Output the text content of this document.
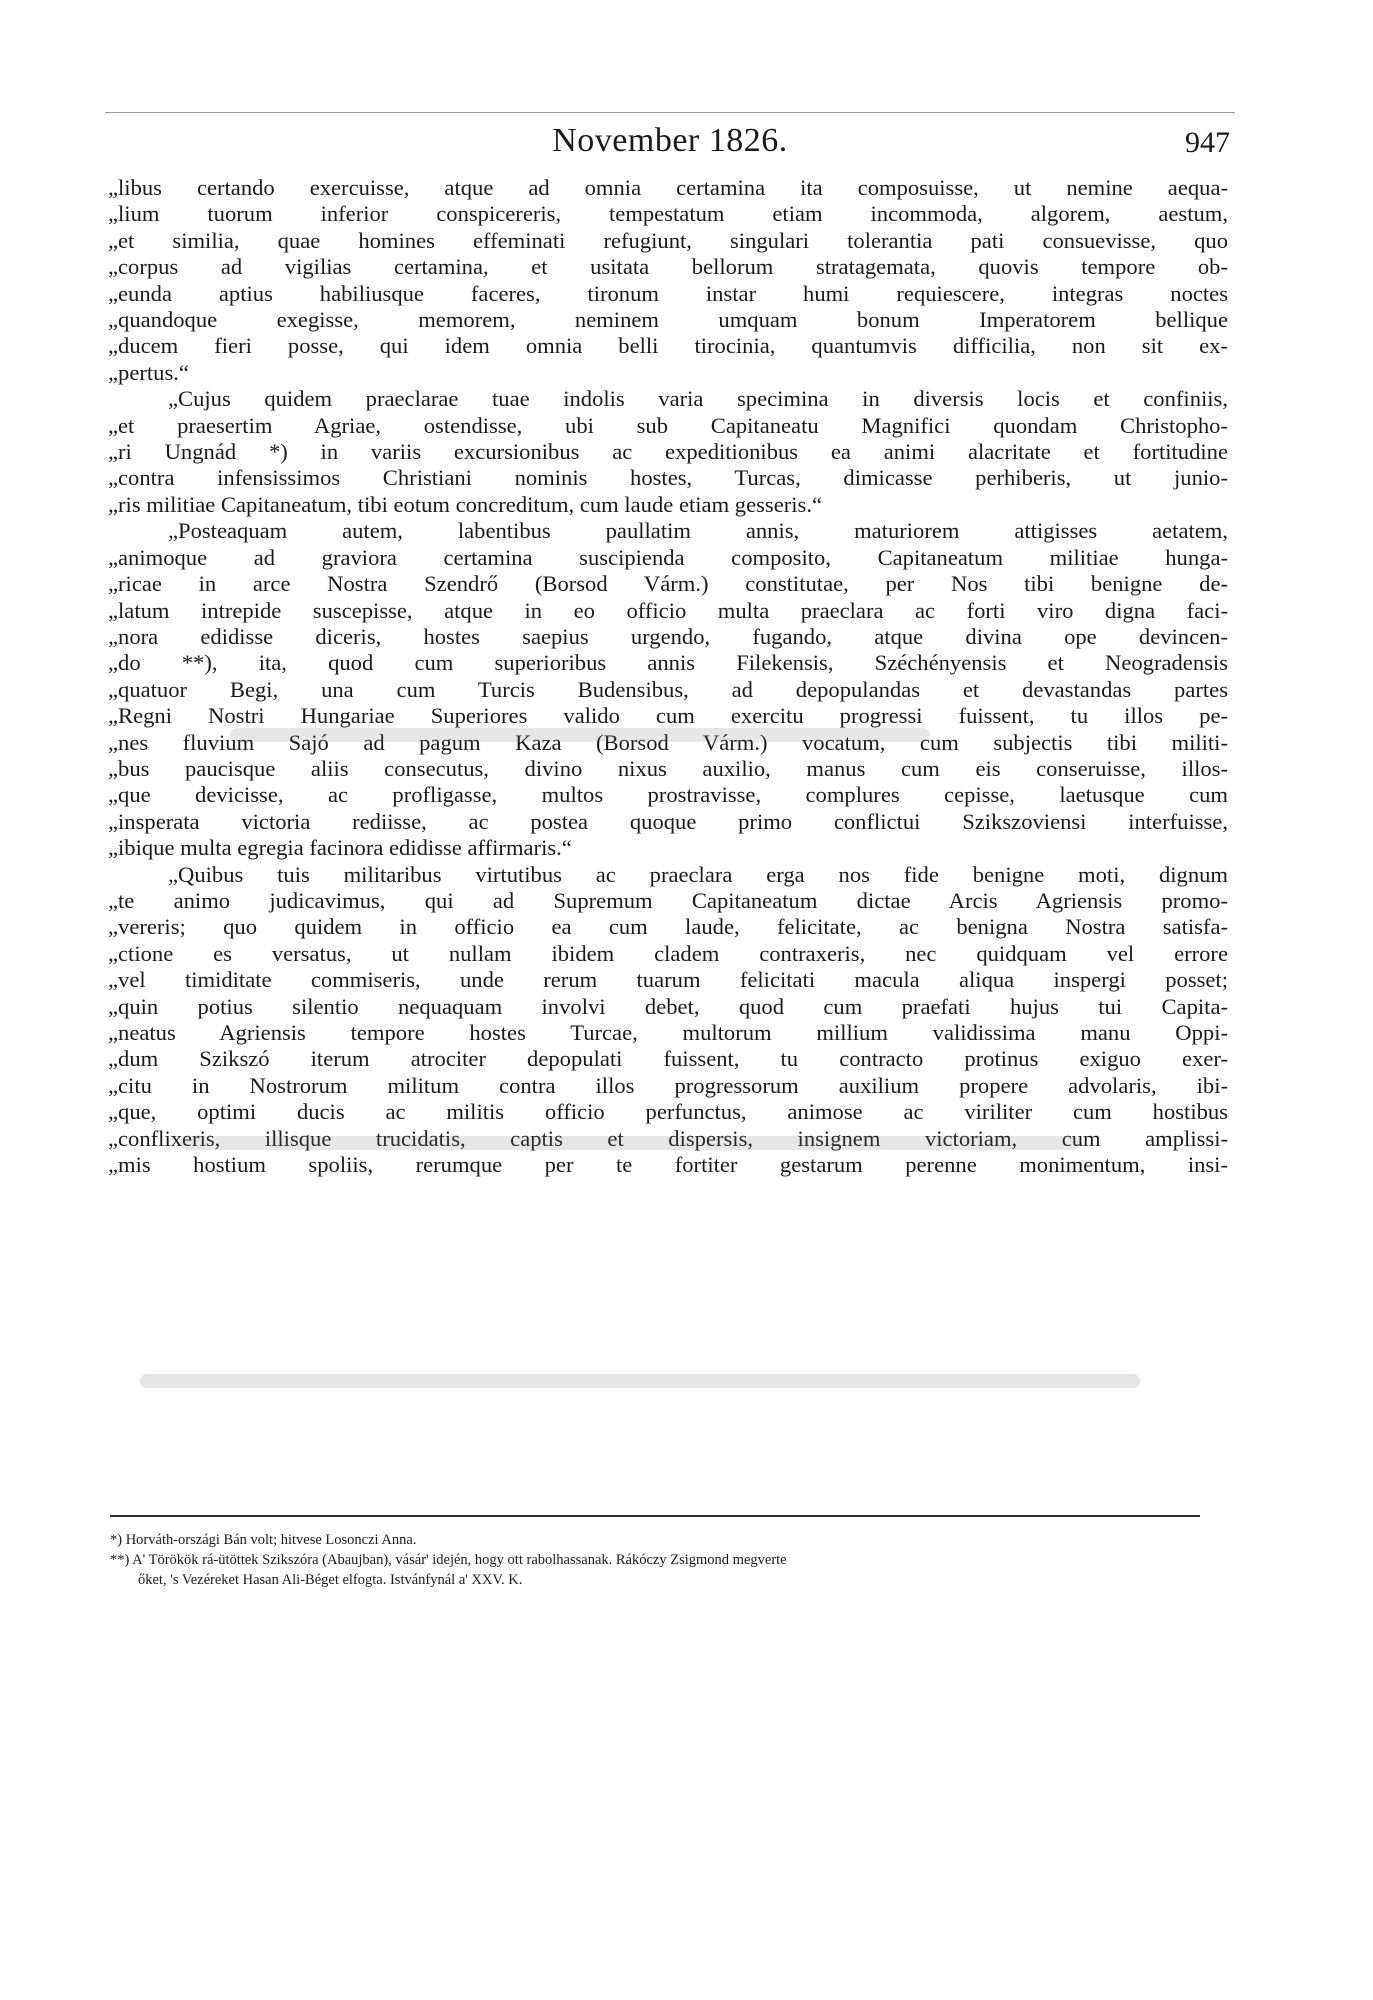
November 1826.	947
„libus certando exercuisse, atque ad omnia certamina ita composuisse, ut nemine aequa-
„lium tuorum inferior conspicereris, tempestatum etiam incommoda, algorem, aestum,
„et similia, quae homines effeminati refugiunt, singulari tolerantia pati consuevisse, quo
„corpus ad vigilias certamina, et usitata bellorum stratagemata, quovis tempore ob-
„eunda aptius habiliusque faceres, tironum instar humi requiescere, integras noctes
„quandoque exegisse, memorem, neminem umquam bonum Imperatorem bellique
„ducem fieri posse, qui idem omnia belli tirocinia, quantumvis difficilia, non sit ex-
„pertus.“
„Cujus quidem praeclarae tuae indolis varia specimina in diversis locis et confiniis,
„et praesertim Agriae, ostendisse, ubi sub Capitaneatu Magnifici quondam Christopho-
„ri Ungnád *) in variis excursionibus ac expeditionibus ea animi alacritate et fortitudine
„contra infensissimos Christiani nominis hostes, Turcas, dimicasse perhiberis, ut junio-
„ris militiae Capitaneatum, tibi eotum concreditum, cum laude etiam gesseris.“
„Posteaquam autem, labentibus paullatim annis, maturiorem attigisses aetatem,
„animoque ad graviora certamina suscipienda composito, Capitaneatum militiae hunga-
„ricae in arce Nostra Szendrő (Borsod Várm.) constitutae, per Nos tibi benigne de-
„latum intrepide suscepisse, atque in eo officio multa praeclara ac forti viro digna faci-
„nora edidisse diceris, hostes saepius urgendo, fugando, atque divina ope devincen-
„do **), ita, quod cum superioribus annis Filekensis, Széchényensis et Neogradensis
„quatuor Begi, una cum Turcis Budensibus, ad depopulandas et devastandas partes
„Regni Nostri Hungariae Superiores valido cum exercitu progressi fuissent, tu illos pe-
„nes fluvium Sajó ad pagum Kaza (Borsod Várm.) vocatum, cum subjectis tibi militi-
„bus paucisque aliis consecutus, divino nixus auxilio, manus cum eis conseruisse, illos-
„que devicisse, ac profligasse, multos prostravisse, complures cepisse, laetusque cum
„insperata victoria rediisse, ac postea quoque primo conflictui Szikszoviensi interfuisse,
„ibique multa egregia facinora edidisse affirmaris.“
„Quibus tuis militaribus virtutibus ac praeclara erga nos fide benigne moti, dignum
„te animo judicavimus, qui ad Supremum Capitaneatum dictae Arcis Agriensis promo-
„vereris; quo quidem in officio ea cum laude, felicitate, ac benigna Nostra satisfa-
„ctione es versatus, ut nullam ibidem cladem contraxeris, nec quidquam vel errore
„vel timiditate commiseris, unde rerum tuarum felicitati macula aliqua inspergi posset;
„quin potius silentio nequaquam involvi debet, quod cum praefati hujus tui Capita-
„neatus Agriensis tempore hostes Turcae, multorum millium validissima manu Oppi-
„dum Szikszó iterum atrociter depopulati fuissent, tu contracto protinus exiguo exer-
„citu in Nostrorum militum contra illos progressorum auxilium propere advolaris, ibi-
„que, optimi ducis ac militis officio perfunctus, animose ac viriliter cum hostibus
„conflixeris, illisque trucidatis, captis et dispersis, insignem victoriam, cum amplissi-
„mis hostium spoliis, rerumque per te fortiter gestarum perenne monimentum, insi-
*) Horváth-országi Bán volt; hitvese Losonczi Anna.
**) A' Törökök rá-ütöttek Szikszóra (Abaujban), vásár' idején, hogy ott rabolhassanak. Rákóczy Zsigmond megverte
őket, 's Vezéreket Hasan Ali-Béget elfogta. Istvánfynál a' XXV. K.
